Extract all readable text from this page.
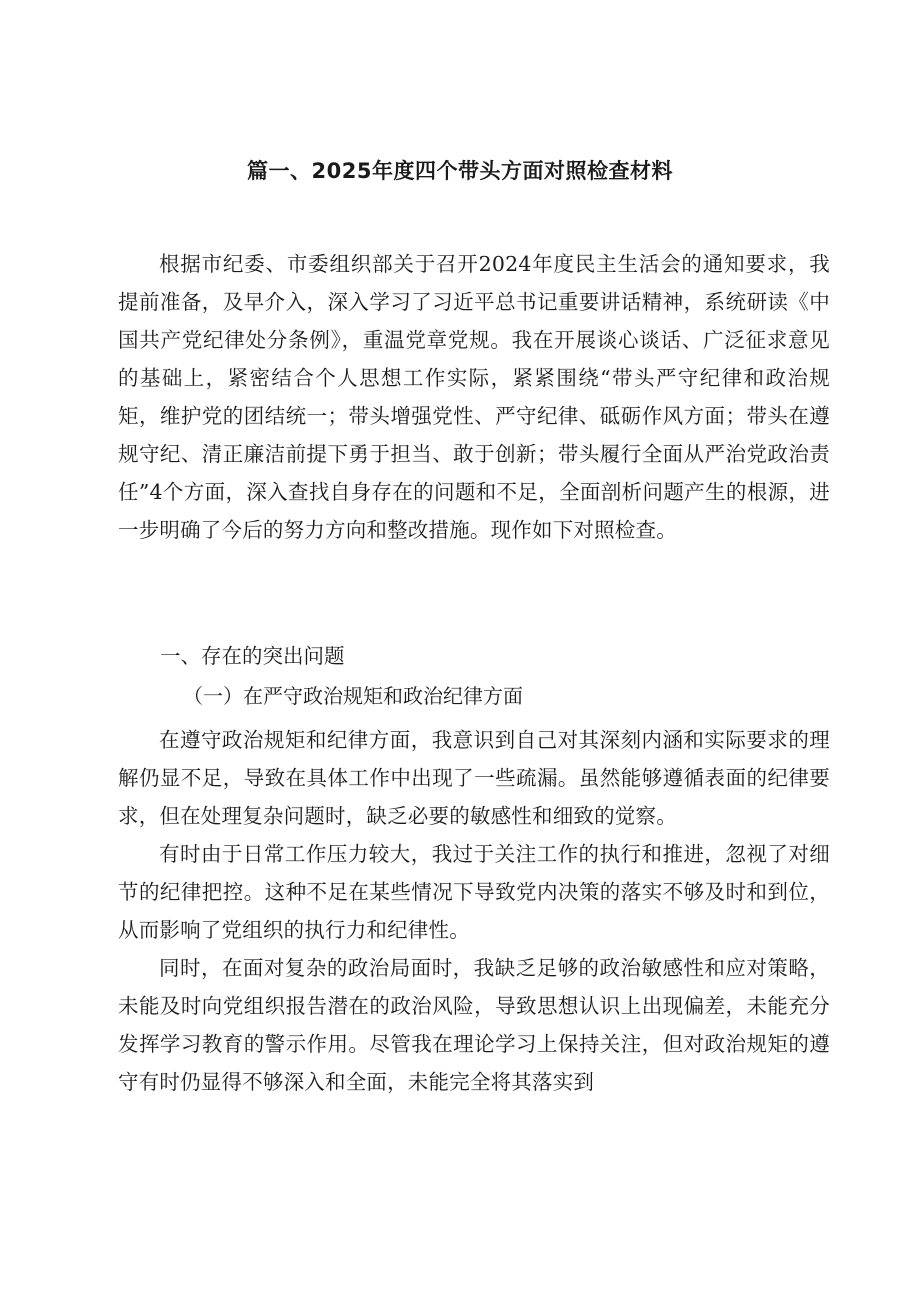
篇一、2025年度四个带头方面对照检查材料

根据市纪委、市委组织部关于召开2024年度民主生活会的通知要求，我提前准备，及早介入，深入学习了习近平总书记重要讲话精神，系统研读《中国共产党纪律处分条例》，重温党章党规。我在开展谈心谈话、广泛征求意见的基础上，紧密结合个人思想工作实际，紧紧围绕“带头严守纪律和政治规矩，维护党的团结统一；带头增强党性、严守纪律、砥砺作风方面；带头在遵规守纪、清正廉洁前提下勇于担当、敢于创新；带头履行全面从严治党政治责任”4个方面，深入查找自身存在的问题和不足，全面剖析问题产生的根源，进一步明确了今后的努力方向和整改措施。现作如下对照检查。

一、存在的突出问题
（一）在严守政治规矩和政治纪律方面

在遵守政治规矩和纪律方面，我意识到自己对其深刻内涵和实际要求的理解仍显不足，导致在具体工作中出现了一些疏漏。虽然能够遵循表面的纪律要求，但在处理复杂问题时，缺乏必要的敏感性和细致的觉察。

有时由于日常工作压力较大，我过于关注工作的执行和推进，忽视了对细节的纪律把控。这种不足在某些情况下导致党内决策的落实不够及时和到位，从而影响了党组织的执行力和纪律性。

同时，在面对复杂的政治局面时，我缺乏足够的政治敏感性和应对策略，未能及时向党组织报告潜在的政治风险，导致思想认识上出现偏差，未能充分发挥学习教育的警示作用。尽管我在理论学习上保持关注，但对政治规矩的遵守有时仍显得不够深入和全面，未能完全将其落实到
